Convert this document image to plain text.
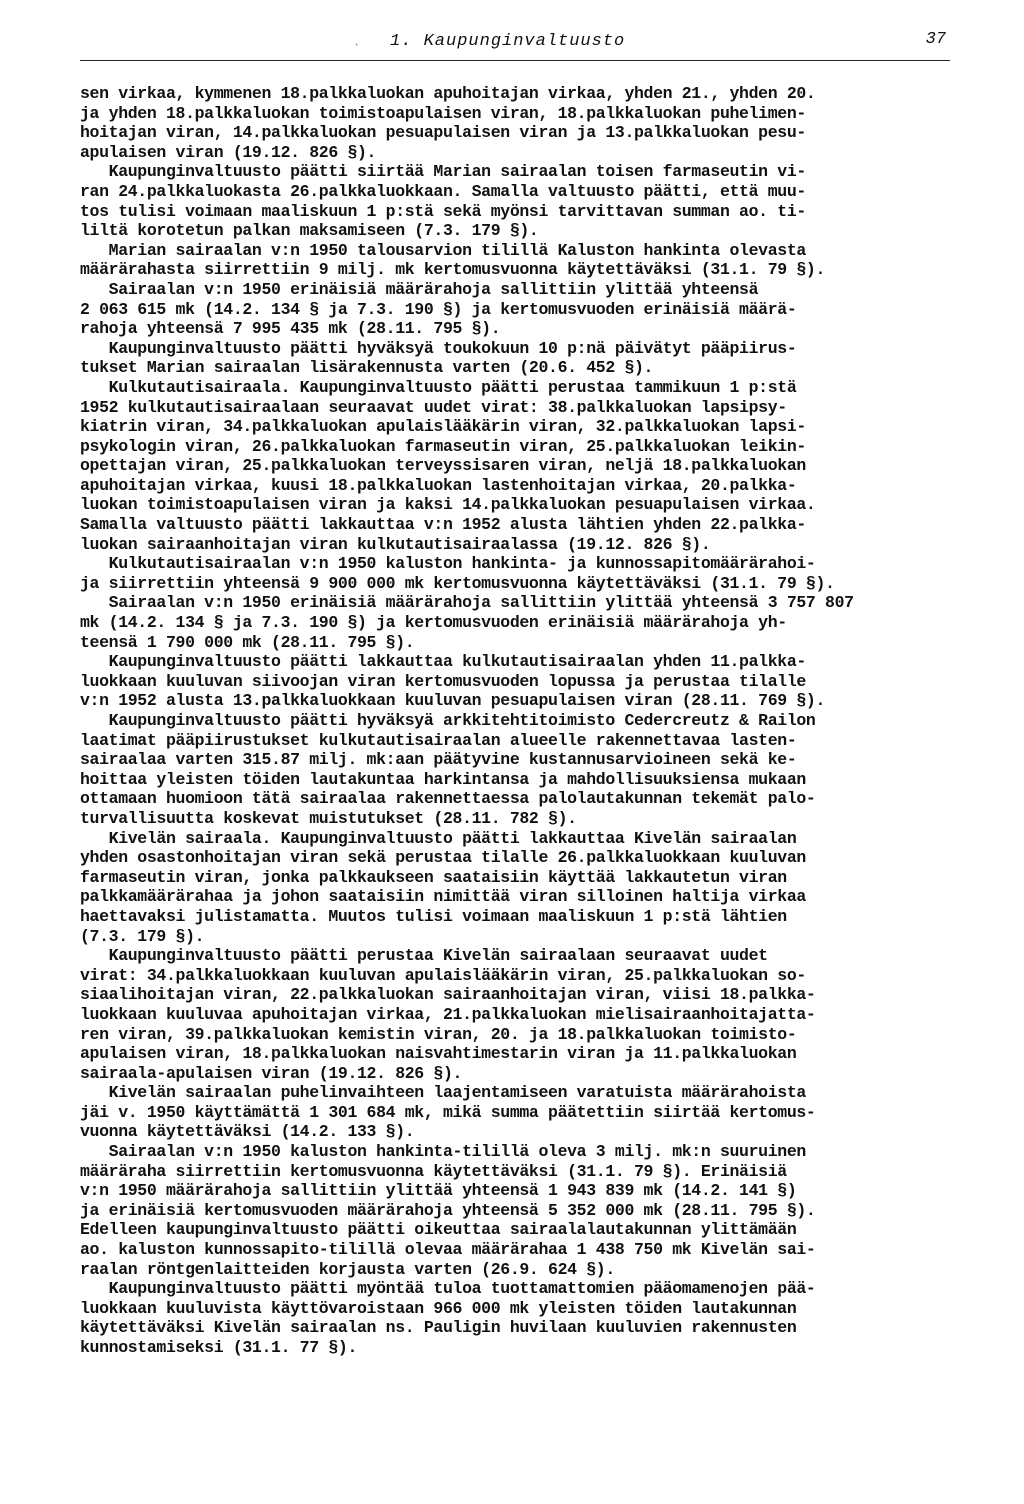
· 1. Kaupunginvaltuusto	37
sen virkaa, kymmenen 18.palkkaluokan apuhoitajan virkaa, yhden 21., yhden 20.
ja yhden 18.palkkaluokan toimistoapulaisen viran, 18.palkkaluokan puhelimen-
hoitajan viran, 14.palkkaluokan pesuapulaisen viran ja 13.palkkaluokan pesu-
apulaisen viran (19.12. 826 §).
Kaupunginvaltuusto päätti siirtää Marian sairaalan toisen farmaseutin vi-
ran 24.palkkaluokasta 26.palkkaluokkaan. Samalla valtuusto päätti, että muu-
tos tulisi voimaan maaliskuun 1 p:stä sekä myönsi tarvittavan summan ao. ti-
liltä korotetun palkan maksamiseen (7.3. 179 §).
Marian sairaalan v:n 1950 talousarvion tilillä Kaluston hankinta olevasta
määrärahasta siirrettiin 9 milj. mk kertomusvuonna käytettäväksi (31.1. 79 §).
Sairaalan v:n 1950 erinäisiä määrärahoja sallittiin ylittää yhteensä
2 063 615 mk (14.2. 134 § ja 7.3. 190 §) ja kertomusvuoden erinäisiä määrä-
rahoja yhteensä 7 995 435 mk (28.11. 795 §).
Kaupunginvaltuusto päätti hyväksyä toukokuun 10 p:nä päivätyt pääpiirus-
tukset Marian sairaalan lisärakennusta varten (20.6. 452 §).
Kulkutautisairaala. Kaupunginvaltuusto päätti perustaa tammikuun 1 p:stä
1952 kulkutautisairaalaan seuraavat uudet virat: 38.palkkaluokan lapsipsy-
kiatrin viran, 34.palkkaluokan apulaislääkärin viran, 32.palkkaluokan lapsi-
psykologin viran, 26.palkkaluokan farmaseutin viran, 25.palkkaluokan leikin-
opettajan viran, 25.palkkaluokan terveyssisaren viran, neljä 18.palkkaluokan
apuhoitajan virkaa, kuusi 18.palkkaluokan lastenhoitajan virkaa, 20.palkka-
luokan toimistoapulaisen viran ja kaksi 14.palkkaluokan pesuapulaisen virkaa.
Samalla valtuusto päätti lakkauttaa v:n 1952 alusta lähtien yhden 22.palkka-
luokan sairaanhoitajan viran kulkutautisairaalassa (19.12. 826 §).
Kulkutautisairaalan v:n 1950 kaluston hankinta- ja kunnossapitomäärärahoi-
ja siirrettiin yhteensä 9 900 000 mk kertomusvuonna käytettäväksi (31.1. 79 §).
Sairaalan v:n 1950 erinäisiä määrärahoja sallittiin ylittää yhteensä 3 757 807
mk (14.2. 134 § ja 7.3. 190 §) ja kertomusvuoden erinäisiä määrärahoja yh-
teensä 1 790 000 mk (28.11. 795 §).
Kaupunginvaltuusto päätti lakkauttaa kulkutautisairaalan yhden 11.palkka-
luokkaan kuuluvan siivoojan viran kertomusvuoden lopussa ja perustaa tilalle
v:n 1952 alusta 13.palkkaluokkaan kuuluvan pesuapulaisen viran (28.11. 769 §).
Kaupunginvaltuusto päätti hyväksyä arkkitehtitoimisto Cedercreutz & Railon
laatimat pääpiirustukset kulkutautisairaalan alueelle rakennettavaa lasten-
sairaalaa varten 315.87 milj. mk:aan päätyvine kustannusarvioineen sekä ke-
hoittaa yleisten töiden lautakuntaa harkintansa ja mahdollisuuksiensa mukaan
ottamaan huomioon tätä sairaalaa rakennettaessa palolautakunnan tekemät palo-
turvallisuutta koskevat muistutukset (28.11. 782 §).
Kivelän sairaala. Kaupunginvaltuusto päätti lakkauttaa Kivelän sairaalan
yhden osastonhoitajan viran sekä perustaa tilalle 26.palkkaluokkaan kuuluvan
farmaseutin viran, jonka palkkaukseen saataisiin käyttää lakkautetun viran
palkkamäärärahaa ja johon saataisiin nimittää viran silloinen haltija virkaa
haettavaksi julistamatta. Muutos tulisi voimaan maaliskuun 1 p:stä lähtien
(7.3. 179 §).
Kaupunginvaltuusto päätti perustaa Kivelän sairaalaan seuraavat uudet
virat: 34.palkkaluokkaan kuuluvan apulaislääkärin viran, 25.palkkaluokan so-
siaalihoitajan viran, 22.palkkaluokan sairaanhoitajan viran, viisi 18.palkka-
luokkaan kuuluvaa apuhoitajan virkaa, 21.palkkaluokan mielisairaanhoitajatta-
ren viran, 39.palkkaluokan kemistin viran, 20. ja 18.palkkaluokan toimisto-
apulaisen viran, 18.palkkaluokan naisvahtimestarin viran ja 11.palkkaluokan
sairaala-apulaisen viran (19.12. 826 §).
Kivelän sairaalan puhelinvaihteen laajentamiseen varatuista määrärahoista
jäi v. 1950 käyttämättä 1 301 684 mk, mikä summa päätettiin siirtää kertomus-
vuonna käytettäväksi (14.2. 133 §).
Sairaalan v:n 1950 kaluston hankinta-tilillä oleva 3 milj. mk:n suuruinen
määräraha siirrettiin kertomusvuonna käytettäväksi (31.1. 79 §). Erinäisiä
v:n 1950 määrärahoja sallittiin ylittää yhteensä 1 943 839 mk (14.2. 141 §)
ja erinäisiä kertomusvuoden määrärahoja yhteensä 5 352 000 mk (28.11. 795 §).
Edelleen kaupunginvaltuusto päätti oikeuttaa sairaalalautakunnan ylittämään
ao. kaluston kunnossapito-tilillä olevaa määrärahaa 1 438 750 mk Kivelän sai-
raalan röntgenlaitteiden korjausta varten (26.9. 624 §).
Kaupunginvaltuusto päätti myöntää tuloa tuottamattomien pääomamenojen pää-
luokkaan kuuluvista käyttövaroistaan 966 000 mk yleisten töiden lautakunnan
käytettäväksi Kivelän sairaalan ns. Pauligin huvilaan kuuluvien rakennusten
kunnostamiseksi (31.1. 77 §).
